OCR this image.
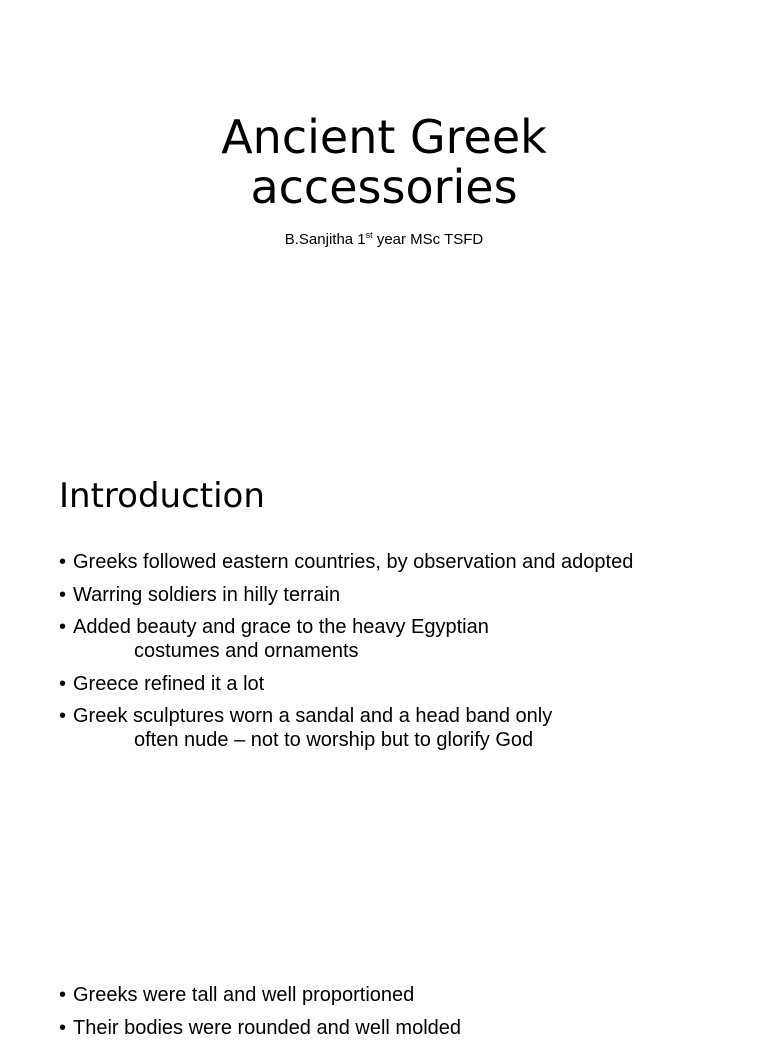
Ancient Greek
accessories
B.Sanjitha 1st year MSc TSFD
Introduction
• Greeks followed eastern countries, by observation and adopted
• Warring soldiers in hilly terrain
• Added beauty and grace to the heavy Egyptian
costumes and ornaments
• Greece refined it a lot
• Greek sculptures worn a sandal and a head band only
often nude – not to worship but to glorify God
• Greeks were tall and well proportioned
• Their bodies were rounded and well molded
